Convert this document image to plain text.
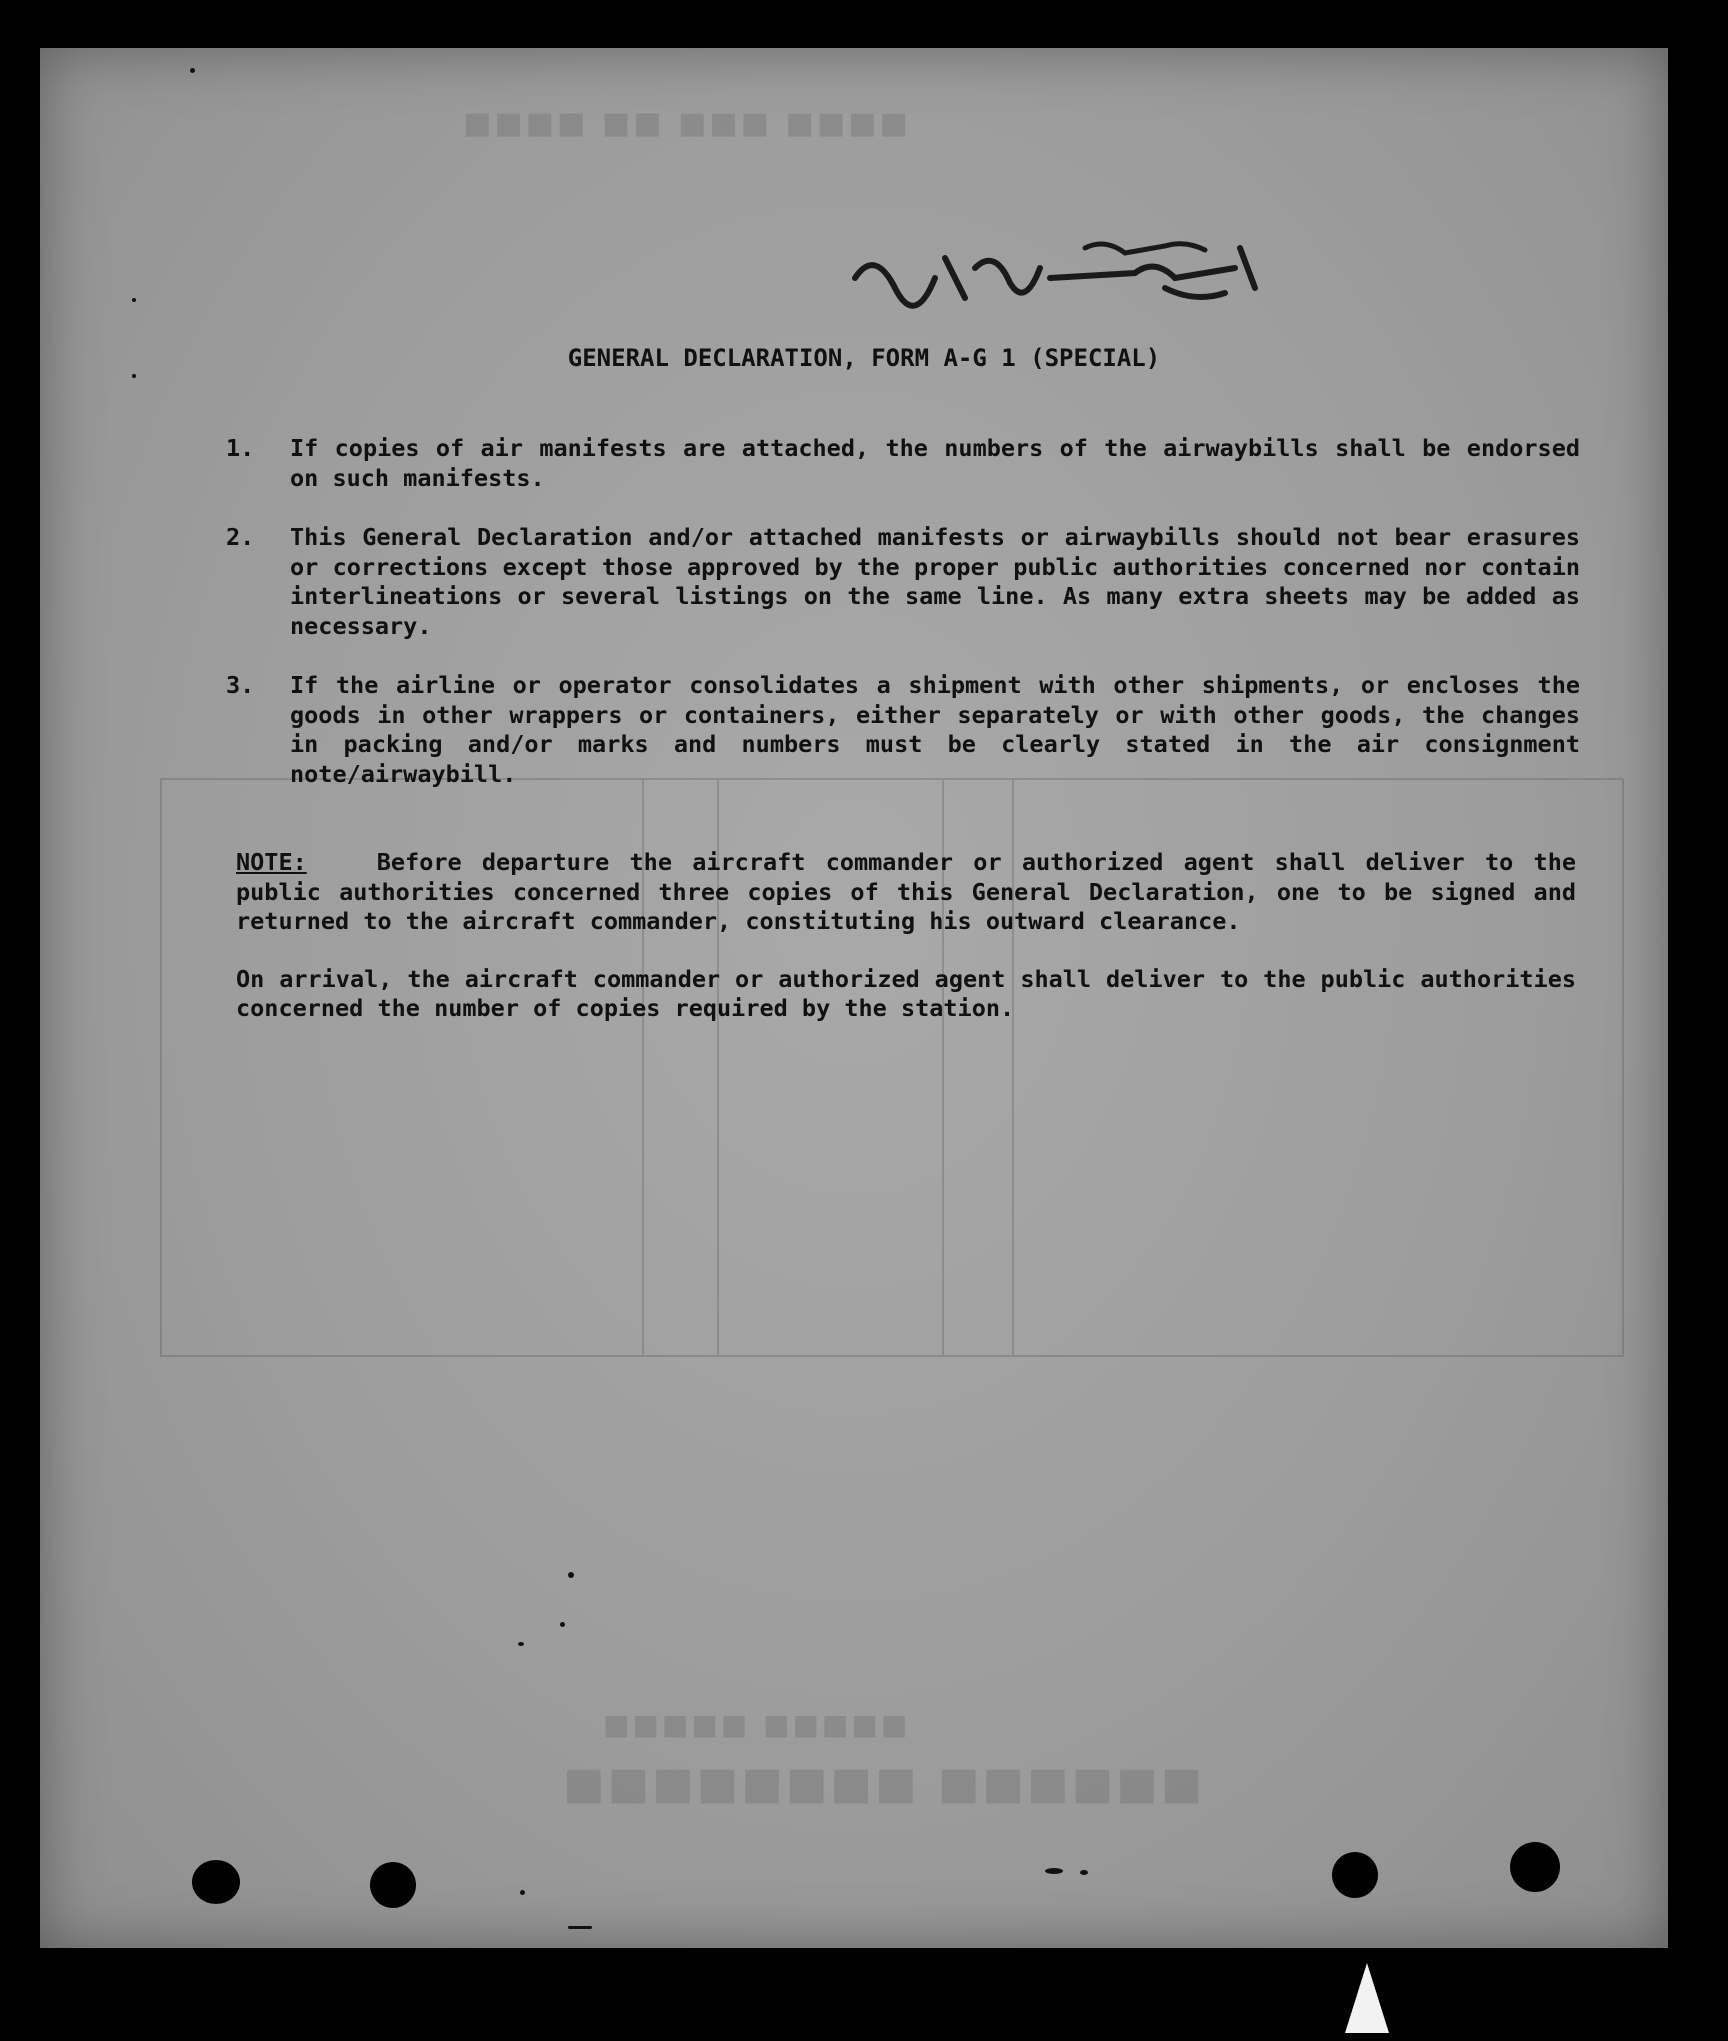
■■■■ ■■■ ■■ ■■■■
■■■■■■ ■■■■■■■■
■■■■■ ■■■■■
GENERAL DECLARATION, FORM A-G 1 (SPECIAL)
1. If copies of air manifests are attached, the numbers of the airwaybills shall be endorsed on such manifests.
2. This General Declaration and/or attached manifests or airwaybills should not bear erasures or corrections except those approved by the proper public authorities concerned nor contain interlineations or several listings on the same line. As many extra sheets may be added as necessary.
3. If the airline or operator consolidates a shipment with other shipments, or encloses the goods in other wrappers or containers, either separately or with other goods, the changes in packing and/or marks and numbers must be clearly stated in the air consignment note/airwaybill.
NOTE:	Before departure the aircraft commander or authorized agent shall deliver to the public authorities concerned three copies of this General Declaration, one to be signed and returned to the aircraft commander, constituting his outward clearance.
On arrival, the aircraft commander or authorized agent shall deliver to the public authorities concerned the number of copies required by the station.
